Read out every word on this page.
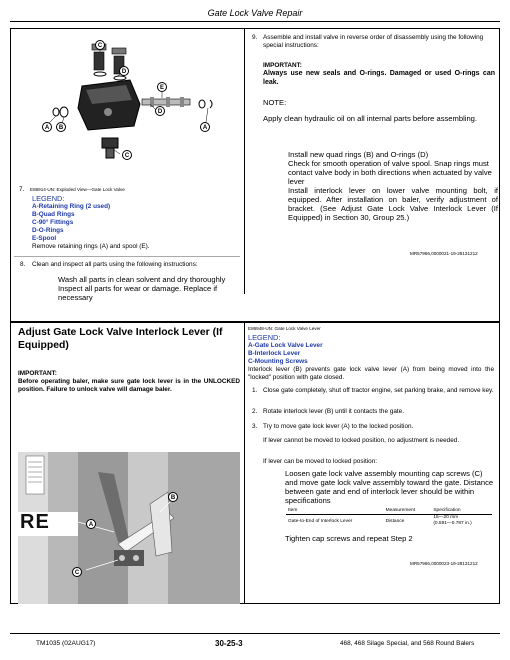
Gate Lock Valve Repair
C
D
E
D
A	B	A
C
E86914-UN: Exploded View—Gate Lock Valve
7.
LEGEND:
A-Retaining Ring (2 used)
B-Quad Rings
C-90° Fittings
D-O-Rings
E-Spool
Remove retaining rings (A) and spool (E).
8. Clean and inspect all parts using the following instructions:
Wash all parts in clean solvent and dry thoroughly Inspect all parts for wear or damage. Replace if necessary
9. Assemble and install valve in reverse order of disassembly using the following special instructions:
IMPORTANT:
Always use new seals and O-rings. Damaged or used O-rings can leak.
NOTE:
Apply clean hydraulic oil on all internal parts before assembling.
Install new quad rings (B) and O-rings (D)
Check for smooth operation of valve spool. Snap rings must contact valve body in both directions when actuated by valve lever
Install interlock lever on lower valve mounting bolt, if equipped. After installation on baler, verify adjustment of bracket. (See Adjust Gate Lock Valve Interlock Lever (If Equipped) in Section 30, Group 25.)
MR57966,0000021-19-28131212
Adjust Gate Lock Valve Interlock Lever (If Equipped)
IMPORTANT:
Before operating baler, make sure gate lock lever is in the UNLOCKED position. Failure to unlock valve will damage baler.
RE	A
B
C
E86948-UN: Gate Lock Valve Lever
LEGEND:
A-Gate Lock Valve Lever
B-Interlock Lever
C-Mounting Screws
Interlock lever (B) prevents gate lock valve lever (A) from being moved into the "locked" position with gate closed.
1. Close gate completely, shut off tractor engine, set parking brake, and remove key.
2. Rotate interlock lever (B) until it contacts the gate.
3. Try to move gate lock lever (A) to the locked position.
If lever cannot be moved to locked position, no adjustment is needed.
If lever can be moved to locked position:
Loosen gate lock valve assembly mounting cap screws (C) and move gate lock valve assembly toward the gate. Distance between gate and end of interlock lever should be within specifications
Item	Measurement	Specification
Gate-to-End of Interlock Lever	Distance	15—20 mm
(0.591—0.787 in.)
Tighten cap screws and repeat Step 2
MR57966,0000023-19-28131212
TM1035 (02AUG17)	30-25-3	468, 468 Silage Special, and 568 Round Balers
